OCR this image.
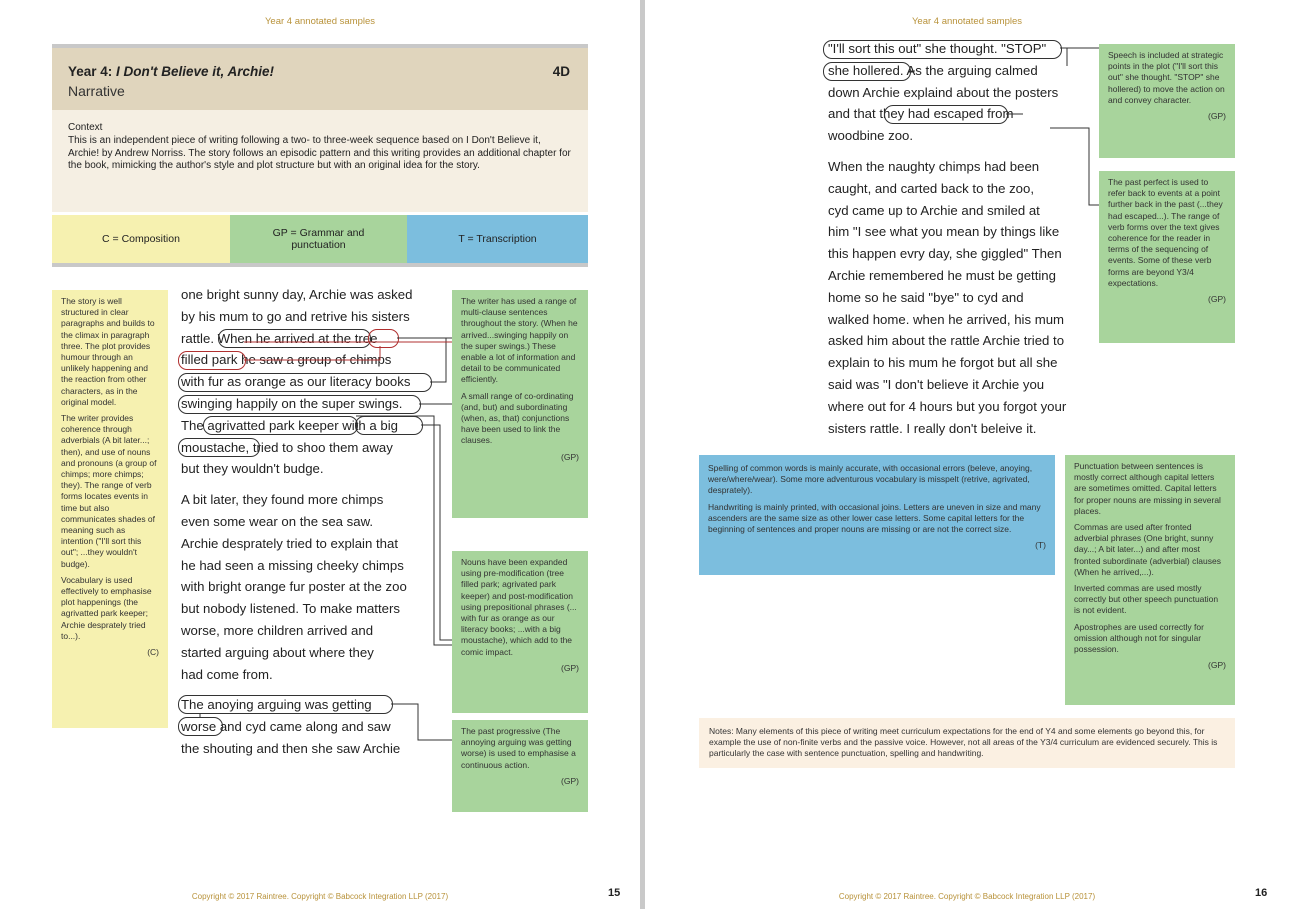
Year 4 annotated samples
Year 4: I Don't Believe it, Archie!	4D
Narrative
Context
This is an independent piece of writing following a two- to three-week sequence based on I Don't Believe it, Archie! by Andrew Norriss. The story follows an episodic pattern and this writing provides an additional chapter for the book, mimicking the author's style and plot structure but with an original idea for the story.
C = Composition	GP = Grammar and punctuation	T = Transcription

The story is well structured in clear paragraphs and builds to the climax in paragraph three. The plot provides humour through an unlikely happening and the reaction from other characters, as in the original model.

The writer provides coherence through adverbials (A bit later...; then), and use of nouns and pronouns (a group of chimps; more chimps; they). The range of verb forms locates events in time but also communicates shades of meaning such as intention ("I'll sort this out"; ...they wouldn't budge).

Vocabulary is used effectively to emphasise plot happenings (the agrivatted park keeper; Archie desprately tried to...).

(C)

one bright sunny day, Archie was asked
by his mum to go and retrive his sisters
rattle. When he arrived at the tree
filled park he saw a group of chimps
with fur as orange as our literacy books
swinging happily on the super swings.
The agrivatted park keeper with a big
moustache, tried to shoo them away
but they wouldn't budge.

A bit later, they found more chimps
even some wear on the sea saw.
Archie desprately tried to explain that
he had seen a missing cheeky chimps
with bright orange fur poster at the zoo
but nobody listened. To make matters
worse, more children arrived and
started arguing about where they
had come from.

The anoying arguing was getting
worse and cyd came along and saw
the shouting and then she saw Archie

The writer has used a range of multi-clause sentences throughout the story. (When he arrived...swinging happily on the super swings.) These enable a lot of information and detail to be communicated efficiently.

A small range of co-ordinating (and, but) and subordinating (when, as, that) conjunctions have been used to link the clauses.

(GP)

Nouns have been expanded using pre-modification (tree filled park; agrivated park keeper) and post-modification using prepositional phrases (... with fur as orange as our literacy books; ...with a big moustache), which add to the comic impact.

(GP)

The past progressive (The annoying arguing was getting worse) is used to emphasise a continuous action.

(GP)
Copyright © 2017 Raintree. Copyright © Babcock Integration LLP (2017)	15
Year 4 annotated samples

"I'll sort this out" she thought. "STOP"
she hollered. As the arguing calmed
down Archie explaind about the posters
and that they had escaped from
woodbine zoo.

When the naughty chimps had been
caught, and carted back to the zoo,
cyd came up to Archie and smiled at
him "I see what you mean by things like
this happen evry day, she giggled" Then
Archie remembered he must be getting
home so he said "bye" to cyd and
walked home. when he arrived, his mum
asked him about the rattle Archie tried to
explain to his mum he forgot but all she
said was "I don't believe it Archie you
where out for 4 hours but you forgot your
sisters rattle. I really don't beleive it.

Speech is included at strategic points in the plot ("I'll sort this out" she thought. "STOP" she hollered) to move the action on and convey character.

(GP)

The past perfect is used to refer back to events at a point further back in the past (...they had escaped...). The range of verb forms over the text gives coherence for the reader in terms of the sequencing of events. Some of these verb forms are beyond Y3/4 expectations.

(GP)

Spelling of common words is mainly accurate, with occasional errors (beleve, anoying, were/where/wear). Some more adventurous vocabulary is misspelt (retrive, agrivated, desprately).

Handwriting is mainly printed, with occasional joins. Letters are uneven in size and many ascenders are the same size as other lower case letters. Some capital letters for the beginning of sentences and proper nouns are missing or are not the correct size.

(T)

Punctuation between sentences is mostly correct although capital letters are sometimes omitted. Capital letters for proper nouns are missing in several places.

Commas are used after fronted adverbial phrases (One bright, sunny day...; A bit later...) and after most fronted subordinate (adverbial) clauses (When he arrived,...).

Inverted commas are used mostly correctly but other speech punctuation is not evident.

Apostrophes are used correctly for omission although not for singular possession.

(GP)
Notes: Many elements of this piece of writing meet curriculum expectations for the end of Y4 and some elements go beyond this, for example the use of non-finite verbs and the passive voice. However, not all areas of the Y3/4 curriculum are evidenced securely. This is particularly the case with sentence punctuation, spelling and handwriting.
Copyright © 2017 Raintree. Copyright © Babcock Integration LLP (2017)	16
